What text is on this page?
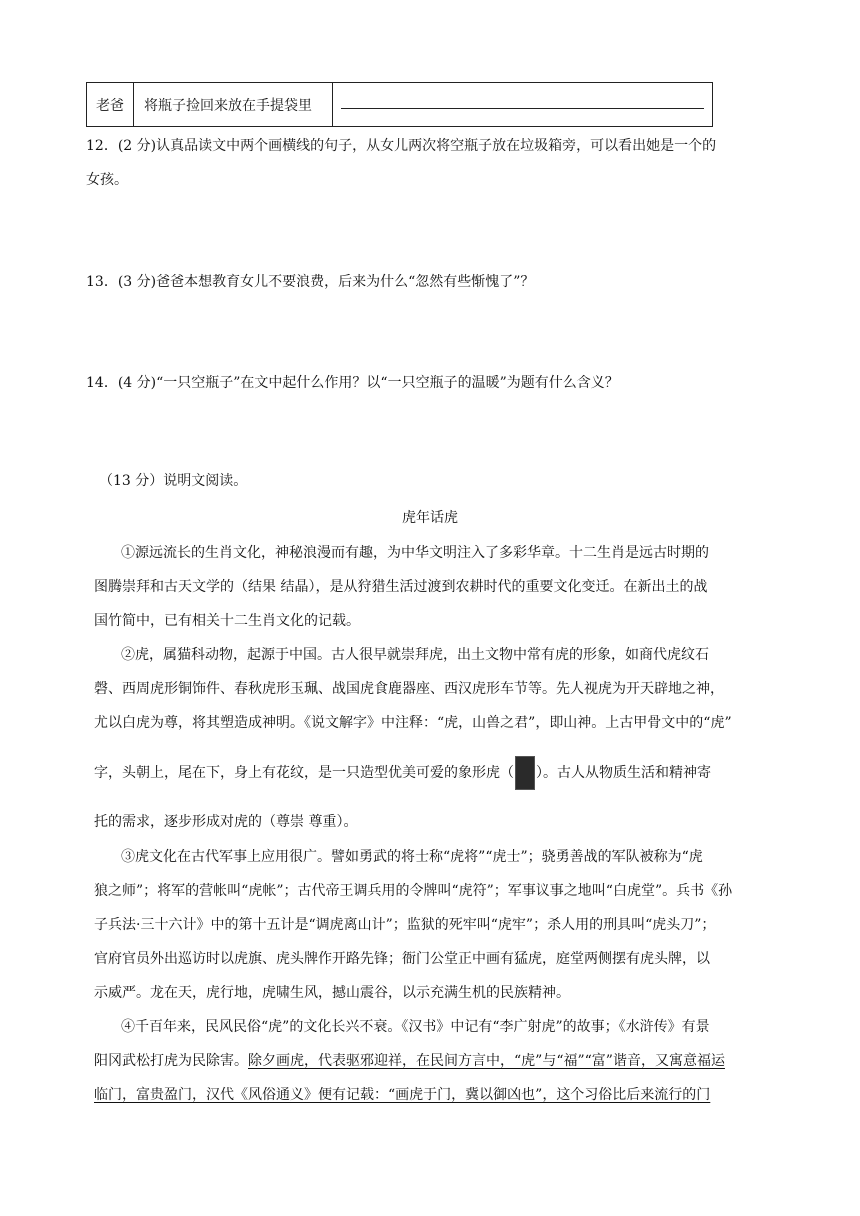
老爸	将瓶子捡回来放在手提袋里
12．(2 分)认真品读文中两个画横线的句子，从女儿两次将空瓶子放在垃圾箱旁，可以看出她是一个的
女孩。
13．(3 分)爸爸本想教育女儿不要浪费，后来为什么“忽然有些惭愧了”？
14．(4 分)“一只空瓶子”在文中起什么作用？以“一只空瓶子的温暖”为题有什么含义？
（13 分）说明文阅读。
虎年话虎
①源远流长的生肖文化，神秘浪漫而有趣，为中华文明注入了多彩华章。十二生肖是远古时期的
图腾崇拜和古天文学的（结果 结晶），是从狩猎生活过渡到农耕时代的重要文化变迁。在新出土的战
国竹简中，已有相关十二生肖文化的记载。
②虎，属猫科动物，起源于中国。古人很早就崇拜虎，出土文物中常有虎的形象，如商代虎纹石
磬、西周虎形铜饰件、春秋虎形玉珮、战国虎食鹿器座、西汉虎形车节等。先人视虎为开天辟地之神，
尤以白虎为尊，将其塑造成神明。《说文解字》中注释：“虎，山兽之君”，即山神。上古甲骨文中的“虎”
字，头朝上，尾在下，身上有花纹，是一只造型优美可爱的象形虎（ ）。古人从物质生活和精神寄
托的需求，逐步形成对虎的（尊崇 尊重）。
③虎文化在古代军事上应用很广。譬如勇武的将士称“虎将”“虎士”；骁勇善战的军队被称为“虎
狼之师”；将军的营帐叫“虎帐”；古代帝王调兵用的令牌叫“虎符”；军事议事之地叫“白虎堂”。兵书《孙
子兵法·三十六计》中的第十五计是“调虎离山计”；监狱的死牢叫“虎牢”；杀人用的刑具叫“虎头刀”；
官府官员外出巡访时以虎旗、虎头牌作开路先锋；衙门公堂正中画有猛虎，庭堂两侧摆有虎头牌，以
示威严。龙在天，虎行地，虎啸生风，撼山震谷，以示充满生机的民族精神。
④千百年来，民风民俗“虎”的文化长兴不衰。《汉书》中记有“李广射虎”的故事；《水浒传》有景
阳冈武松打虎为民除害。除夕画虎，代表驱邪迎祥，在民间方言中，“虎”与“福”“富”谐音，又寓意福运
临门，富贵盈门，汉代《风俗通义》便有记载：“画虎于门，冀以御凶也”，这个习俗比后来流行的门
